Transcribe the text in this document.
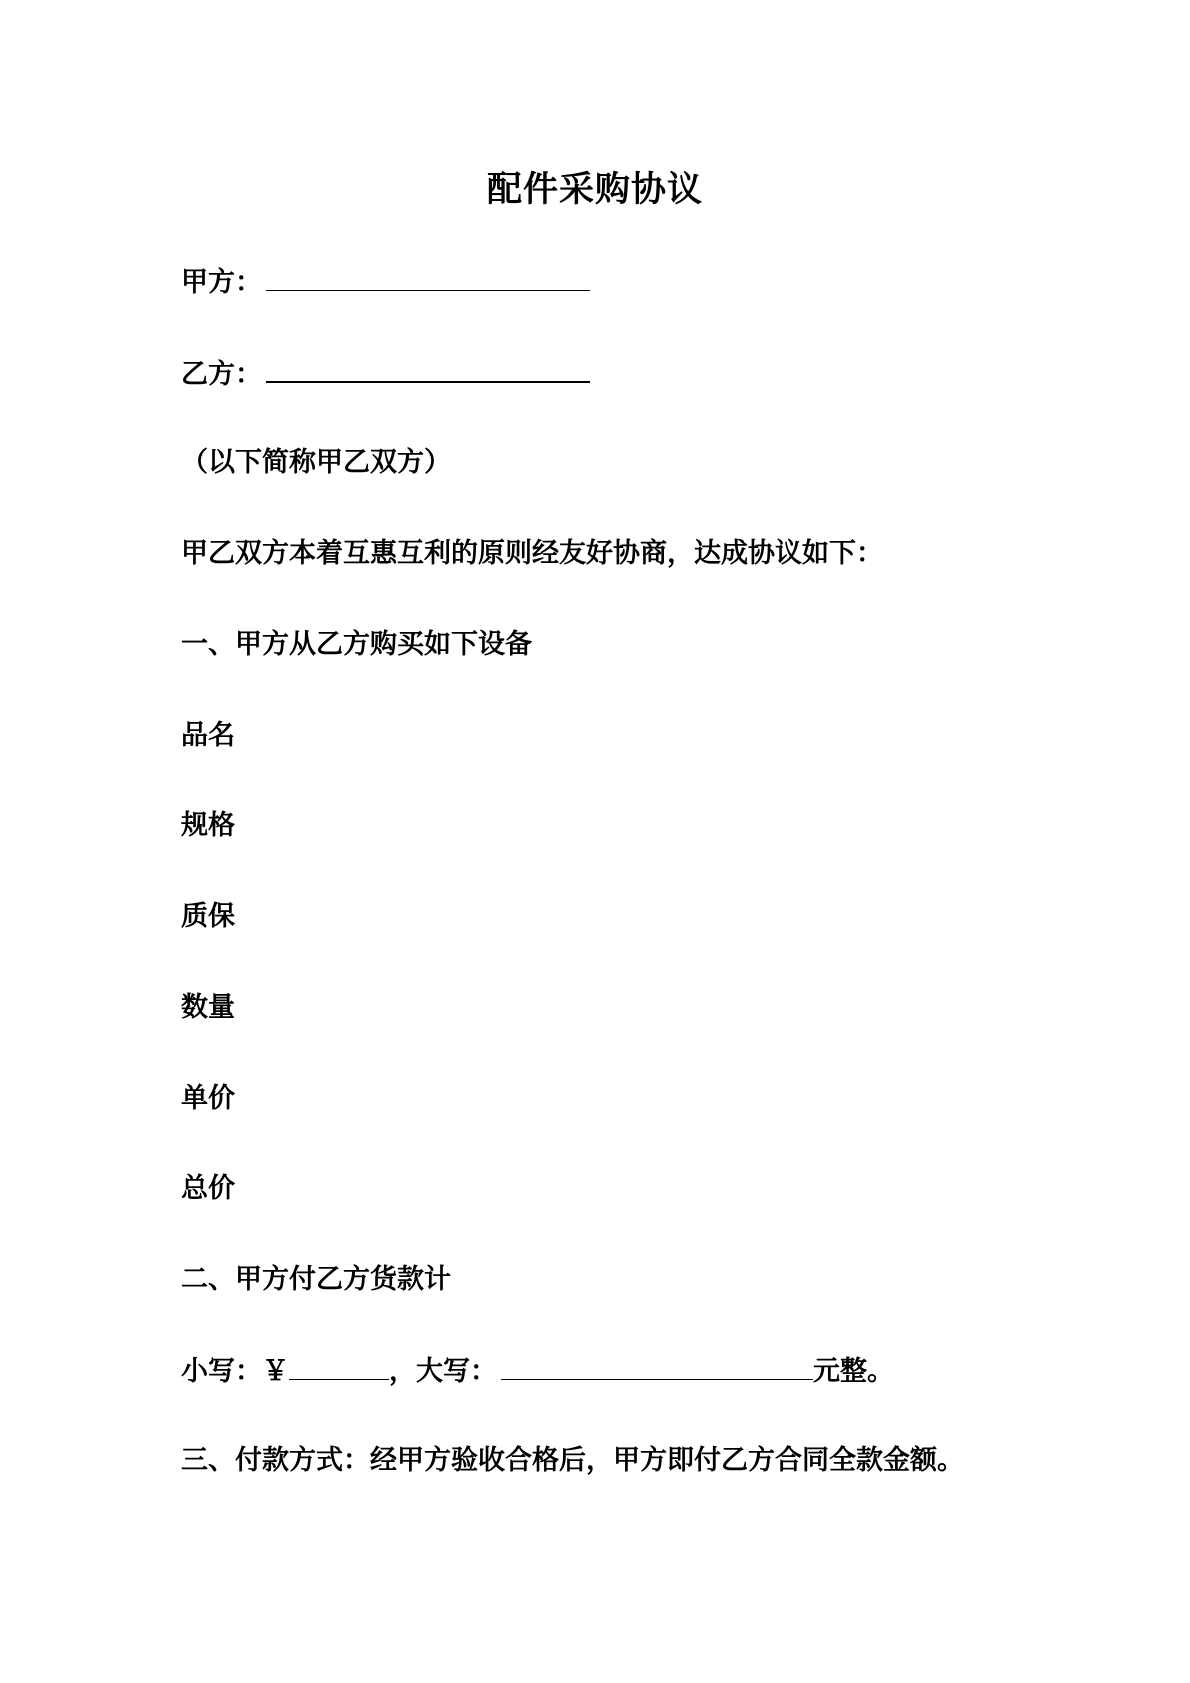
配件采购协议
甲方：
乙方：
（以下简称甲乙双方）
甲乙双方本着互惠互利的原则经友好协商，达成协议如下：
一、甲方从乙方购买如下设备
品名
规格
质保
数量
单价
总价
二、甲方付乙方货款计
小写：￥	，大写：	元整。
三、付款方式：经甲方验收合格后，甲方即付乙方合同全款金额。
